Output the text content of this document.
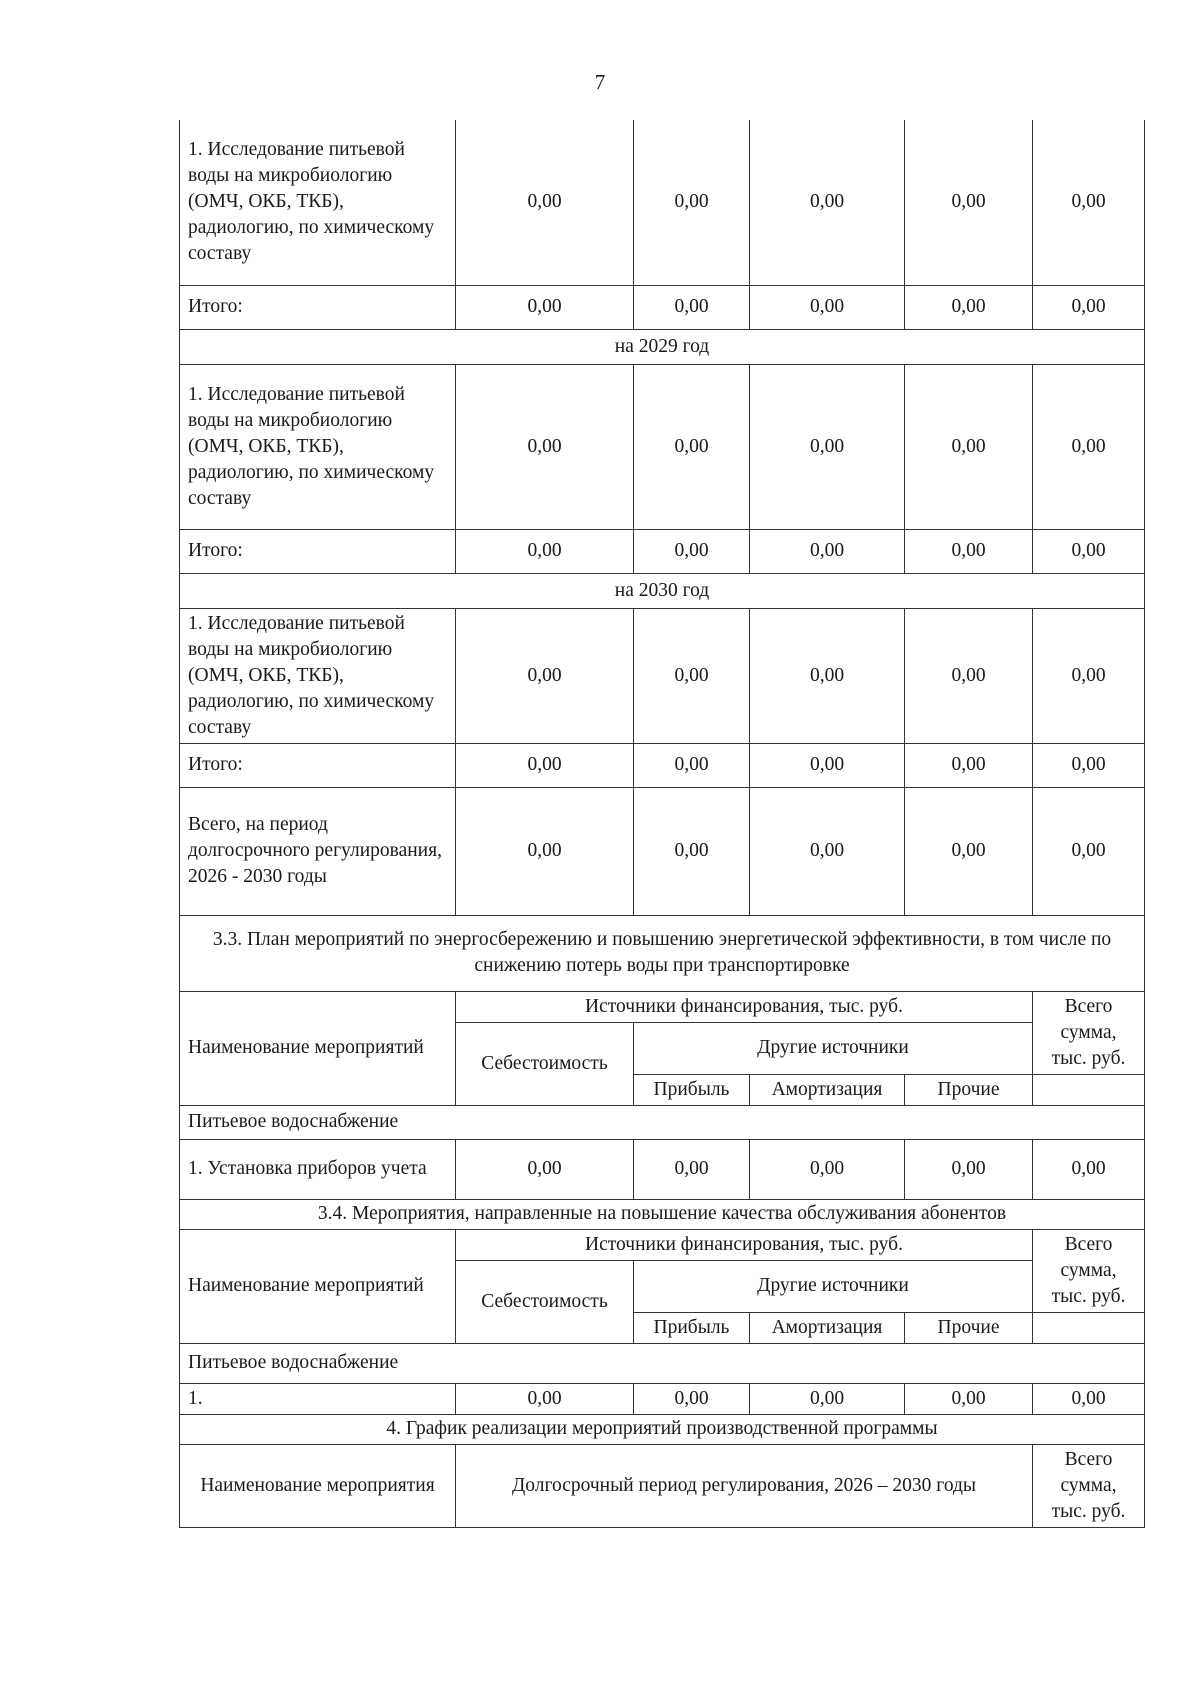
7
1. Исследование питьевой воды на микробиологию (ОМЧ, ОКБ, ТКБ), радиологию, по химическому составу	0,00	0,00	0,00	0,00	0,00
Итого:	0,00	0,00	0,00	0,00	0,00
на 2029 год					
1. Исследование питьевой воды на микробиологию (ОМЧ, ОКБ, ТКБ), радиологию, по химическому составу	0,00	0,00	0,00	0,00	0,00
Итого:	0,00	0,00	0,00	0,00	0,00
на 2030 год					
1. Исследование питьевой воды на микробиологию (ОМЧ, ОКБ, ТКБ), радиологию, по химическому составу	0,00	0,00	0,00	0,00	0,00
Итого:	0,00	0,00	0,00	0,00	0,00
Всего, на период долгосрочного регулирования, 2026 - 2030 годы	0,00	0,00	0,00	0,00	0,00
3.3. План мероприятий по энергосбережению и повышению энергетической эффективности, в том числе по снижению потерь воды при транспортировке					
Наименование мероприятий	Источники финансирования, тыс. руб.				Всего сумма, тыс. руб.
	Себестоимость	Другие источники			
		Прибыль	Амортизация	Прочие	
Питьевое водоснабжение					
1. Установка приборов учета	0,00	0,00	0,00	0,00	0,00
3.4. Мероприятия, направленные на повышение качества обслуживания абонентов					
Наименование мероприятий	Источники финансирования, тыс. руб.				Всего сумма, тыс. руб.
	Себестоимость	Другие источники			
		Прибыль	Амортизация	Прочие	
Питьевое водоснабжение					
1.	0,00	0,00	0,00	0,00	0,00
4. График реализации мероприятий производственной программы					
Наименование мероприятия	Долгосрочный период регулирования, 2026 – 2030 годы				Всего сумма, тыс. руб.
